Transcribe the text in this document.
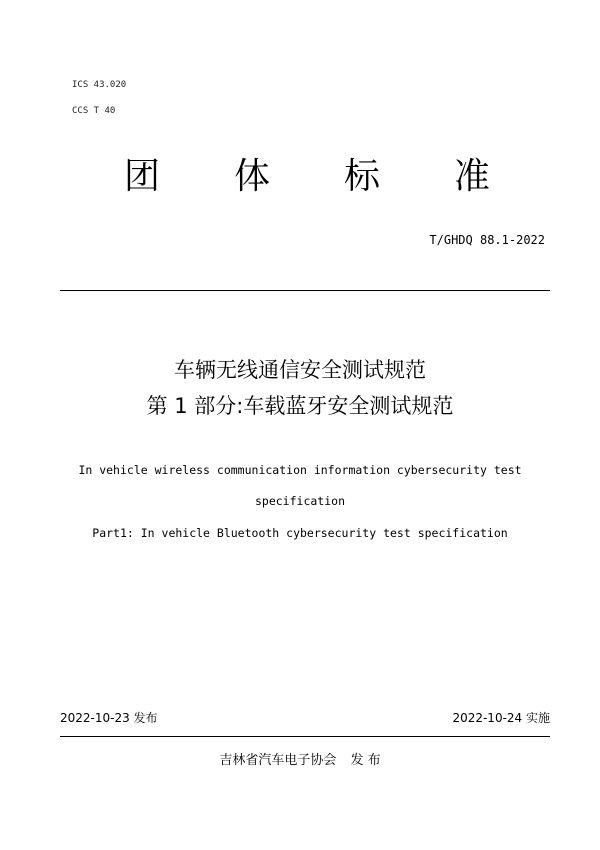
ICS 43.020
CCS T 40
团 体 标 准
T/GHDQ 88.1-2022
车辆无线通信安全测试规范
第 1 部分:车载蓝牙安全测试规范
In vehicle wireless communication information cybersecurity test
specification
Part1: In vehicle Bluetooth cybersecurity test specification
2022-10-23 发布	2022-10-24 实施
吉林省汽车电子协会 发 布
